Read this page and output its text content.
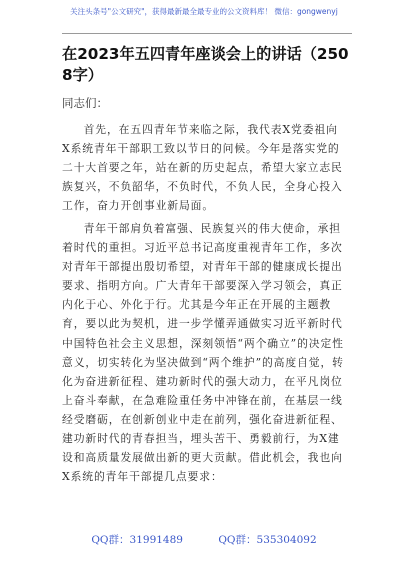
关注头条号"公文研究"，获得最新最全最专业的公文资料库！ 微信：gongwenyj
在2023年五四青年座谈会上的讲话（2508字）
同志们：

首先，在五四青年节来临之际，我代表X党委祖向X系统青年干部职工致以节日的问候。今年是落实党的二十大首要之年，站在新的历史起点，希望大家立志民族复兴，不负韶华，不负时代，不负人民，全身心投入工作，奋力开创事业新局面。

青年干部肩负着富强、民族复兴的伟大使命，承担着时代的重担。习近平总书记高度重视青年工作，多次对青年干部提出殷切希望，对青年干部的健康成长提出要求、指明方向。广大青年干部要深入学习领会，真正内化于心、外化于行。尤其是今年正在开展的主题教育，要以此为契机，进一步学懂弄通做实习近平新时代中国特色社会主义思想，深刻领悟“两个确立”的决定性意义，切实转化为坚决做到“两个维护”的高度自觉，转化为奋进新征程、建功新时代的强大动力，在平凡岗位上奋斗奉献，在急难险重任务中冲锋在前，在基层一线经受磨砺，在创新创业中走在前列，强化奋进新征程、建功新时代的青春担当，埋头苦干、勇毅前行，为X建设和高质量发展做出新的更大贡献。借此机会，我也向X系统的青年干部提几点要求：

QQ群：31991489	QQ群：535304092
